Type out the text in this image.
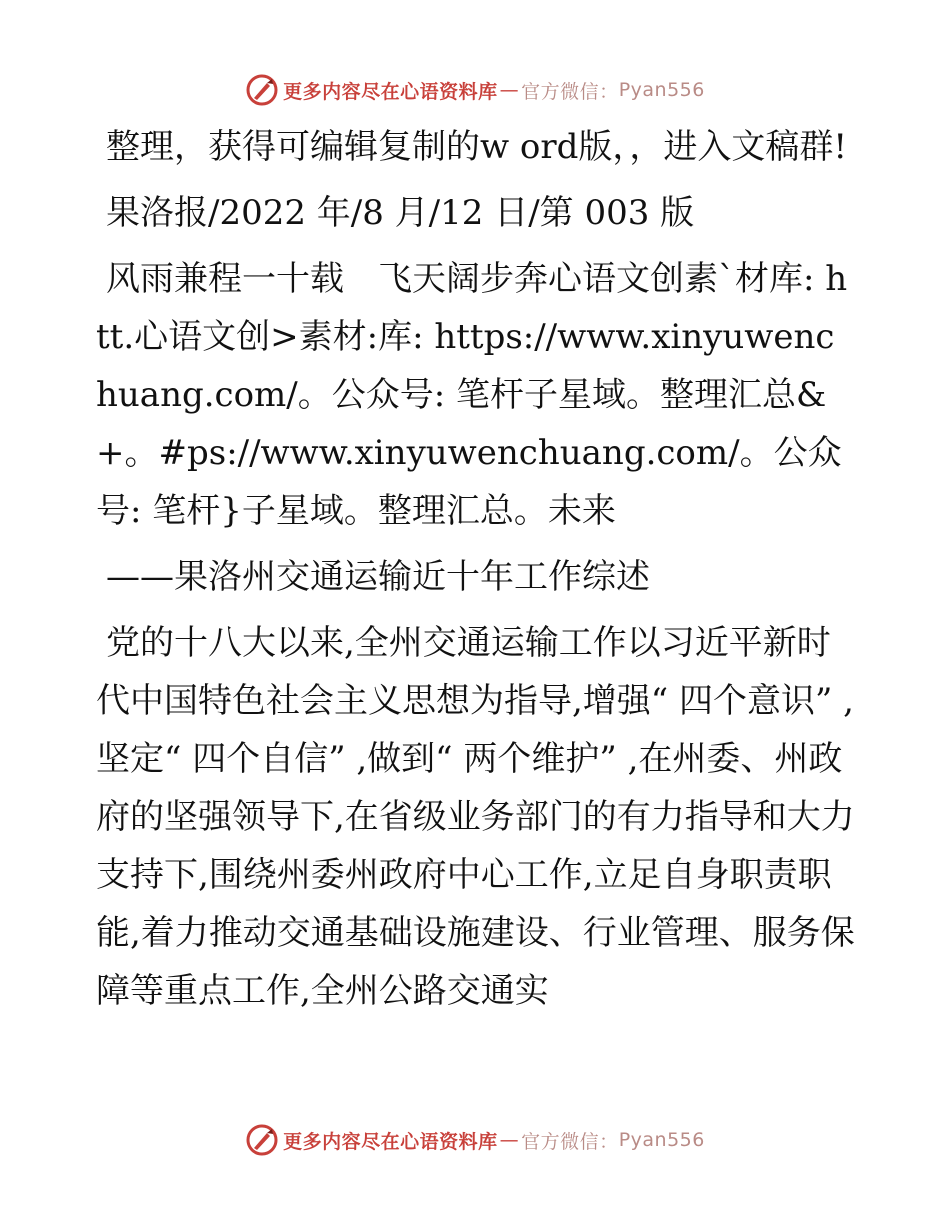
更多内容尽在心语资料库 — 官方微信： Pyan556

整理，获得可编辑复制的w ord版，，进入文稿群!

果洛报/2022 年/8 月/12 日/第 003 版

风雨兼程一十载　飞天阔步奔心语文创素`材库: htt.心语文创>素材:库: https://www.xinyuwenchuang.com/。公众号: 笔杆子星域。整理汇总&+。#ps://www.xinyuwenchuang.com/。公众号: 笔杆}子星域。整理汇总。未来

——果洛州交通运输近十年工作综述

党的十八大以来,全州交通运输工作以习近平新时代中国特色社会主义思想为指导,增强“ 四个意识” ,坚定“ 四个自信” ,做到“ 两个维护” ,在州委、州政府的坚强领导下,在省级业务部门的有力指导和大力支持下,围绕州委州政府中心工作,立足自身职责职能,着力推动交通基础设施建设、行业管理、服务保障等重点工作,全州公路交通实

更多内容尽在心语资料库 — 官方微信： Pyan556
